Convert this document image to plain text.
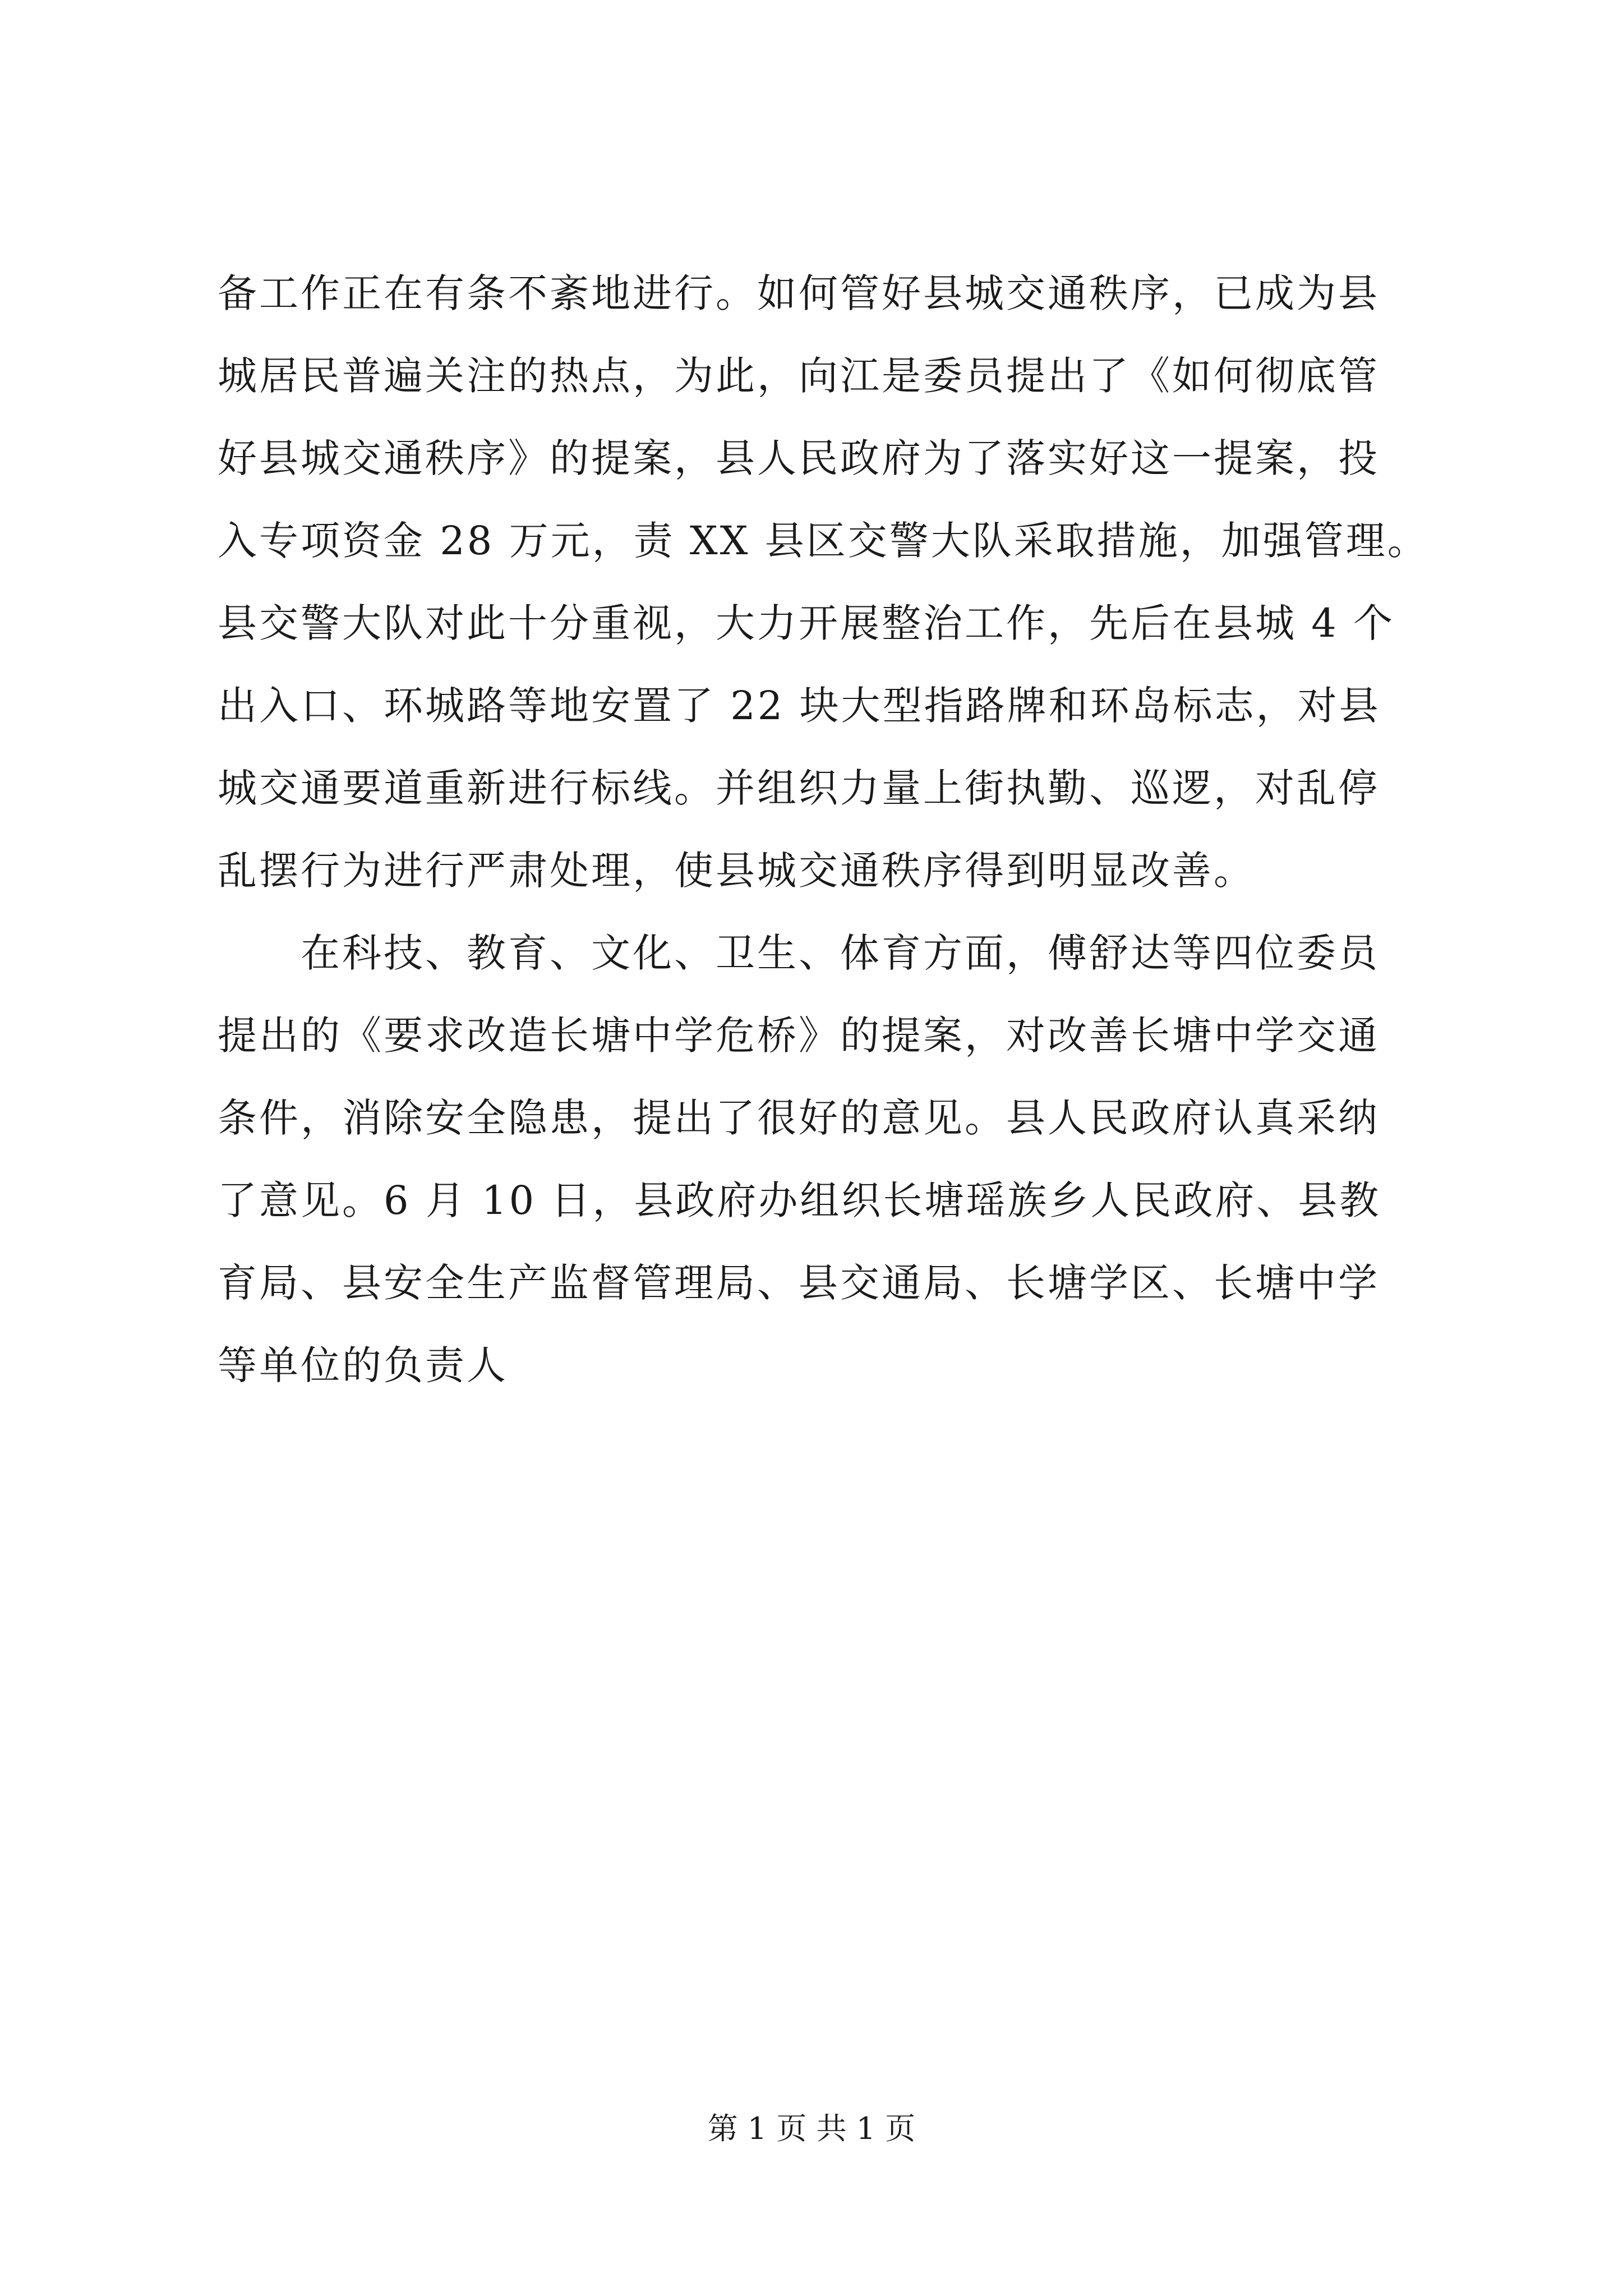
备工作正在有条不紊地进行。如何管好县城交通秩序，已成为县
城居民普遍关注的热点，为此，向江是委员提出了《如何彻底管
好县城交通秩序》的提案，县人民政府为了落实好这一提案，投
入专项资金 28 万元，责 XX 县区交警大队采取措施，加强管理。
县交警大队对此十分重视，大力开展整治工作，先后在县城 4 个
出入口、环城路等地安置了 22 块大型指路牌和环岛标志，对县
城交通要道重新进行标线。并组织力量上街执勤、巡逻，对乱停
乱摆行为进行严肃处理，使县城交通秩序得到明显改善。
　　在科技、教育、文化、卫生、体育方面，傅舒达等四位委员
提出的《要求改造长塘中学危桥》的提案，对改善长塘中学交通
条件，消除安全隐患，提出了很好的意见。县人民政府认真采纳
了意见。6 月 10 日，县政府办组织长塘瑶族乡人民政府、县教
育局、县安全生产监督管理局、县交通局、长塘学区、长塘中学
等单位的负责人
第 1 页 共 1 页
